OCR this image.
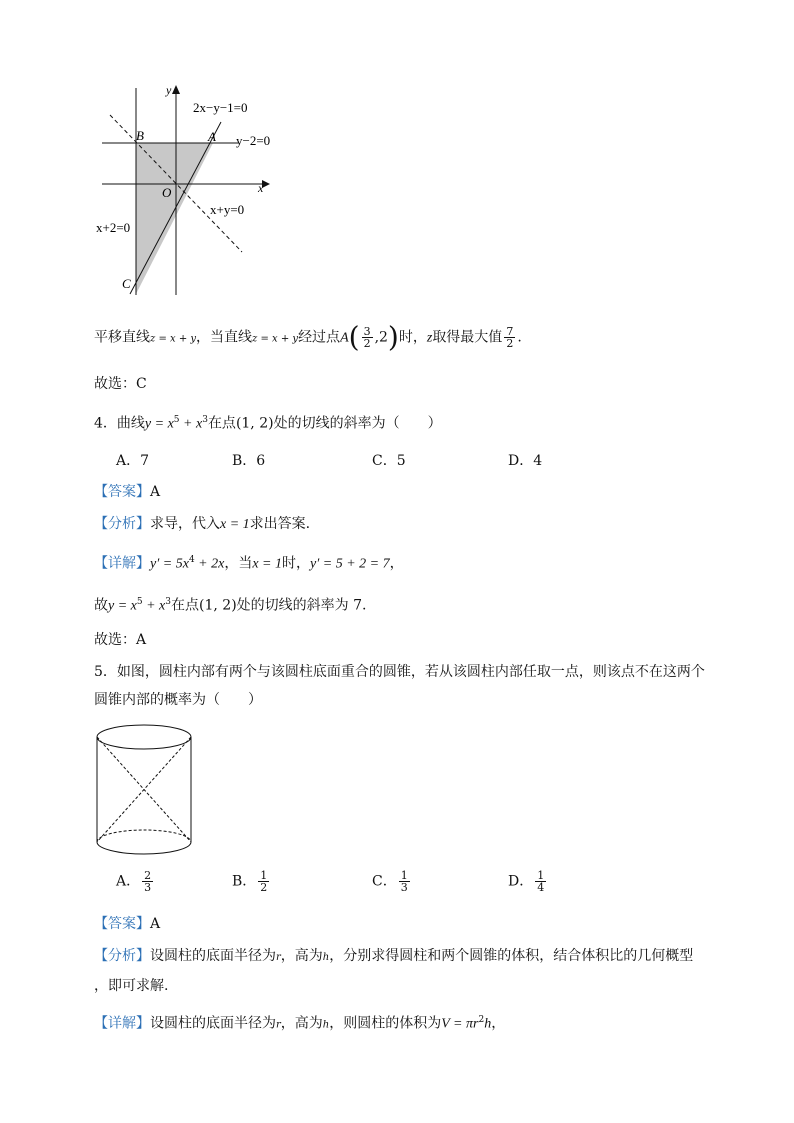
y
x
O
A
B
C
2x−y−1=0
y−2=0
x+y=0
x+2=0
平移直线z = x + y，当直线z = x + y经过点$A( \frac{3}{2} ,2)$时，z取得最大值 $\frac{7}{2}$ .
故选：C
4．曲线$y = x^5 + x^3$在点(1, 2)处的切线的斜率为（　　）
A．7	B．6	C．5	D．4
【答案】A
【分析】求导，代入x = 1求出答案.
【详解】$y' = 5x^4 + 2x$，当x = 1时，y′ = 5 + 2 = 7，
故$y = x^5 + x^3$在点(1, 2)处的切线的斜率为 7.
故选：A
5．如图，圆柱内部有两个与该圆柱底面重合的圆锥，若从该圆柱内部任取一点，则该点不在这两个
圆锥内部的概率为（　　）
A． $\frac{2}{3}$	B． $\frac{1}{2}$	C． $\frac{1}{3}$	D． $\frac{1}{4}$
【答案】A
【分析】设圆柱的底面半径为r，高为h，分别求得圆柱和两个圆锥的体积，结合体积比的几何概型
，即可求解.
【详解】设圆柱的底面半径为r，高为h，则圆柱的体积为$V = \pi r^2h$，
